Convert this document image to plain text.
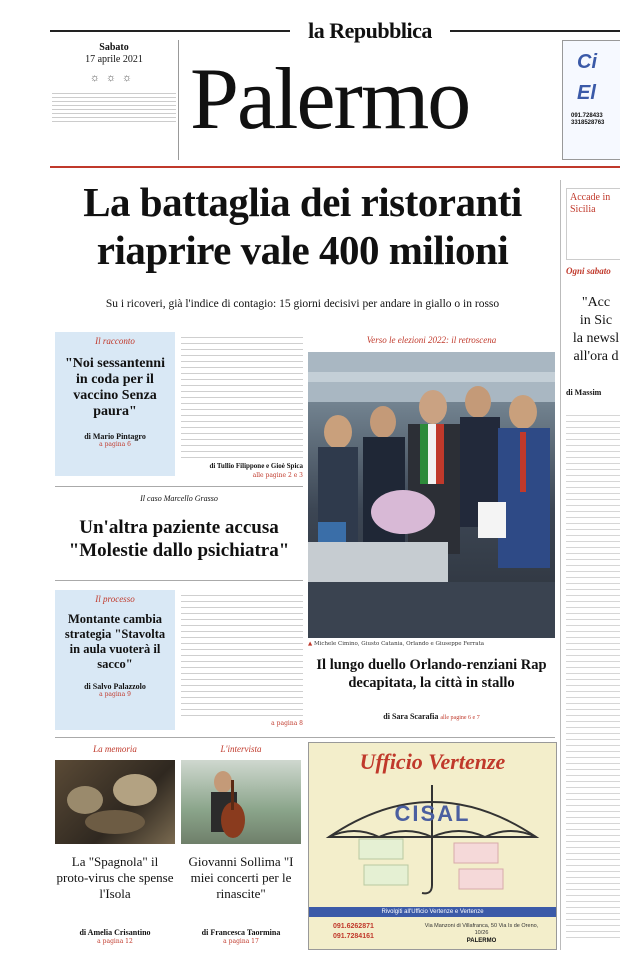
la Repubblica
Sabato
17 aprile 2021
☼☼☼ Palermo	Ci
El
091.728433
3318528763
La battaglia dei ristoranti
riaprire vale 400 milioni
Su i ricoveri, già l'indice di contagio: 15 giorni decisivi per andare in giallo o in rosso
Accade in Sicilia
Ogni sabato
"Acc
in Sic
la newsl
all'ora d
di Massim
Il racconto
"Noi sessantenni in coda per il vaccino Senza paura"
di Mario Pintagro
a pagina 6
di Tullio Filippone e Gioè Spica
alle pagine 2 e 3
Verso le elezioni 2022: il retroscena
▲ Michele Cimino, Giusto Catania, Orlando e Giuseppe Ferrata
Il lungo duello Orlando-renziani Rap decapitata, la città in stallo
di Sara Scarafia alle pagine 6 e 7
Il caso Marcello Grasso
Un'altra paziente accusa
"Molestie dallo psichiatra"
Il processo
Montante cambia strategia "Stavolta in aula vuoterà il sacco"
di Salvo Palazzolo
a pagina 9
a pagina 8
La memoria
La "Spagnola" il proto-virus che spense l'Isola
di Amelia Crisantino
a pagina 12
L'intervista
Giovanni Sollima "I miei concerti per le rinascite"
di Francesca Taormina
a pagina 17
Ufficio Vertenze
CISAL
Rivolgiti all'Ufficio Vertenze e Vertenze
091.6262871
091.7284161
Via Manzoni di Villafranca, 50 Via Is de Oreno, 10/26
PALERMO
